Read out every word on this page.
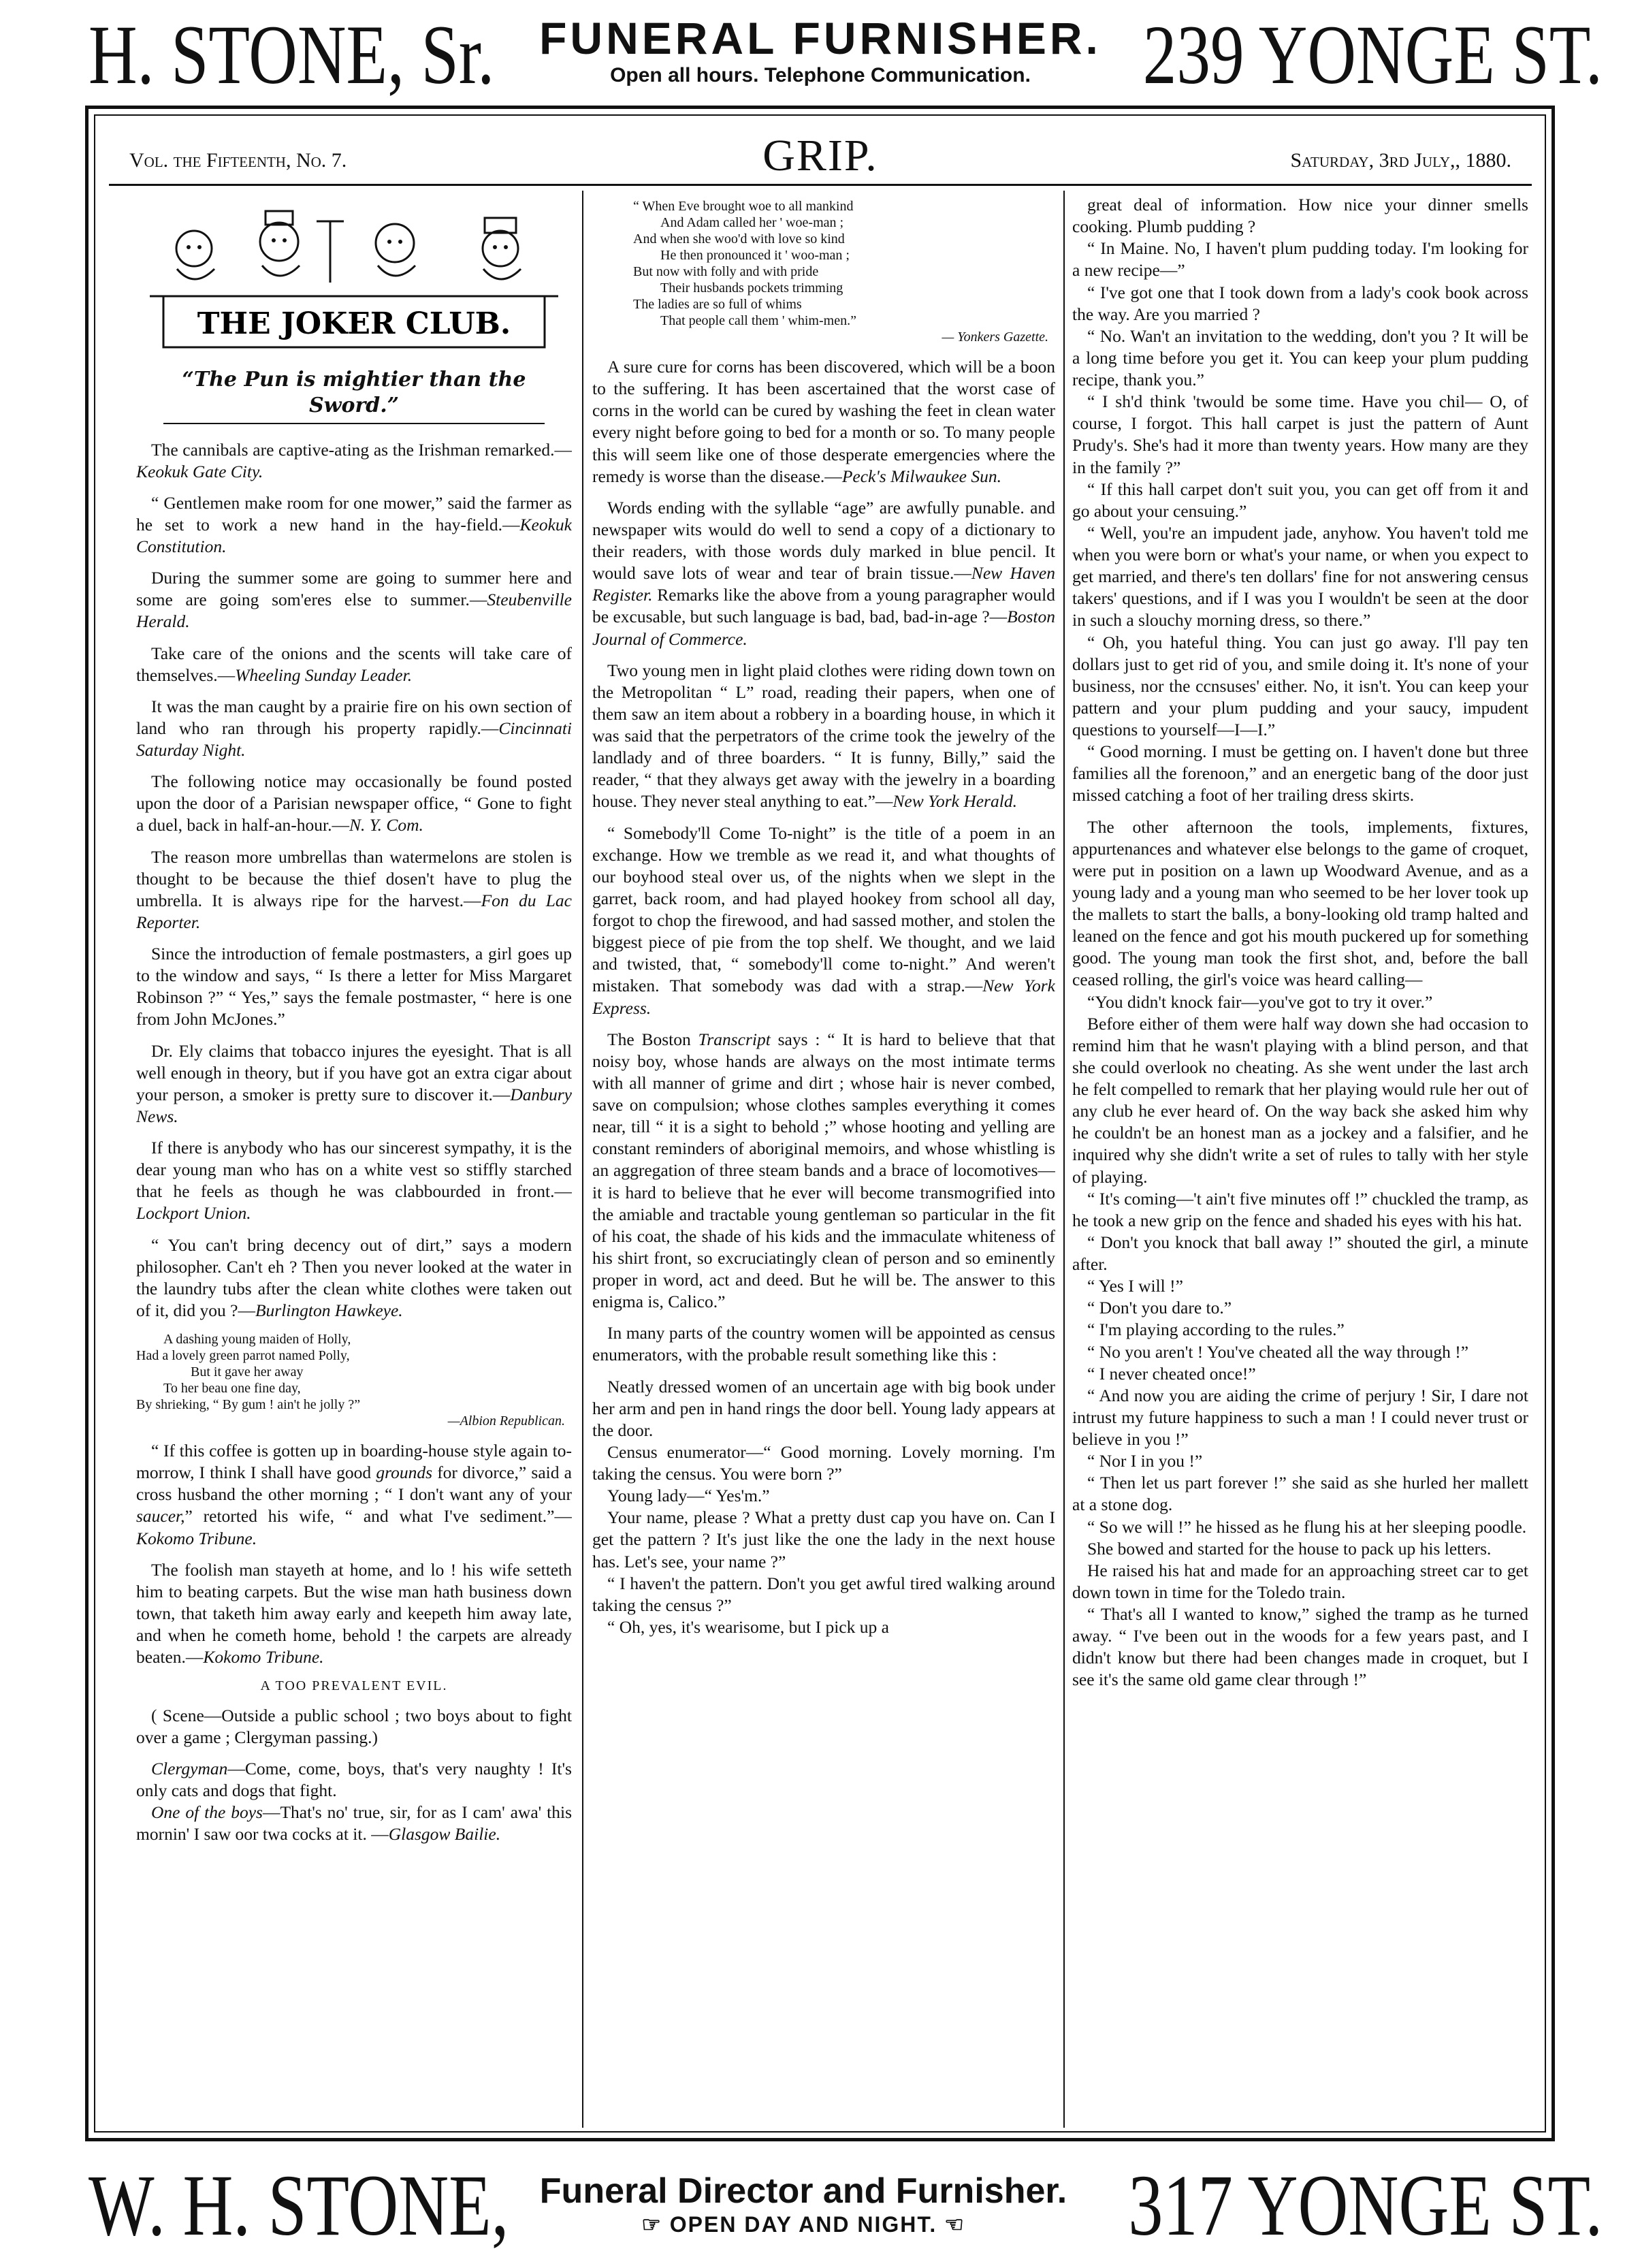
H. STONE, Sr. FUNERAL FURNISHER.
Open all hours. Telephone Communication.	239 YONGE ST.
Vol. the Fifteenth, No. 7.	GRIP.	Saturday, 3rd July,, 1880.
THE JOKER CLUB.
“The Pun is mightier than the Sword.”

The cannibals are captive-ating as the Irishman remarked.—Keokuk Gate City.

“ Gentlemen make room for one mower,” said the farmer as he set to work a new hand in the hay-field.—Keokuk Constitution.

During the summer some are going to summer here and some are going som'eres else to summer.—Steubenville Herald.

Take care of the onions and the scents will take care of themselves.—Wheeling Sunday Leader.

It was the man caught by a prairie fire on his own section of land who ran through his property rapidly.—Cincinnati Saturday Night.

The following notice may occasionally be found posted upon the door of a Parisian newspaper office, “ Gone to fight a duel, back in half-an-hour.—N. Y. Com.

The reason more umbrellas than watermelons are stolen is thought to be because the thief dosen't have to plug the umbrella. It is always ripe for the harvest.—Fon du Lac Reporter.

Since the introduction of female postmasters, a girl goes up to the window and says, “ Is there a letter for Miss Margaret Robinson ?” “ Yes,” says the female postmaster, “ here is one from John McJones.”

Dr. Ely claims that tobacco injures the eyesight. That is all well enough in theory, but if you have got an extra cigar about your person, a smoker is pretty sure to discover it.—Danbury News.

If there is anybody who has our sincerest sympathy, it is the dear young man who has on a white vest so stiffly starched that he feels as though he was clabbourded in front.—Lockport Union.

“ You can't bring decency out of dirt,” says a modern philosopher. Can't eh ? Then you never looked at the water in the laundry tubs after the clean white clothes were taken out of it, did you ?—Burlington Hawkeye.

A dashing young maiden of Holly,
Had a lovely green parrot named Polly,
But it gave her away
To her beau one fine day,
By shrieking, “ By gum ! ain't he jolly ?”
—Albion Republican.

“ If this coffee is gotten up in boarding-house style again to-morrow, I think I shall have good grounds for divorce,” said a cross husband the other morning ; “ I don't want any of your saucer,” retorted his wife, “ and what I've sediment.”—Kokomo Tribune.

The foolish man stayeth at home, and lo ! his wife setteth him to beating carpets. But the wise man hath business down town, that taketh him away early and keepeth him away late, and when he cometh home, behold ! the carpets are already beaten.—Kokomo Tribune.

A TOO PREVALENT EVIL.

( Scene—Outside a public school ; two boys about to fight over a game ; Clergyman passing.)

Clergyman—Come, come, boys, that's very naughty ! It's only cats and dogs that fight.

One of the boys—That's no' true, sir, for as I cam' awa' this mornin' I saw oor twa cocks at it. —Glasgow Bailie.

“ When Eve brought woe to all mankind
And Adam called her ' woe-man ;
And when she woo'd with love so kind
He then pronounced it ' woo-man ;
But now with folly and with pride
Their husbands pockets trimming
The ladies are so full of whims
That people call them ' whim-men.”
— Yonkers Gazette.

A sure cure for corns has been discovered, which will be a boon to the suffering. It has been ascertained that the worst case of corns in the world can be cured by washing the feet in clean water every night before going to bed for a month or so. To many people this will seem like one of those desperate emergencies where the remedy is worse than the disease.—Peck's Milwaukee Sun.

Words ending with the syllable “age” are awfully punable. and newspaper wits would do well to send a copy of a dictionary to their readers, with those words duly marked in blue pencil. It would save lots of wear and tear of brain tissue.—New Haven Register. Remarks like the above from a young paragrapher would be excusable, but such language is bad, bad, bad-in-age ?—Boston Journal of Commerce.

Two young men in light plaid clothes were riding down town on the Metropolitan “ L” road, reading their papers, when one of them saw an item about a robbery in a boarding house, in which it was said that the perpetrators of the crime took the jewelry of the landlady and of three boarders. “ It is funny, Billy,” said the reader, “ that they always get away with the jewelry in a boarding house. They never steal anything to eat.”—New York Herald.

“ Somebody'll Come To-night” is the title of a poem in an exchange. How we tremble as we read it, and what thoughts of our boyhood steal over us, of the nights when we slept in the garret, back room, and had played hookey from school all day, forgot to chop the firewood, and had sassed mother, and stolen the biggest piece of pie from the top shelf. We thought, and we laid and twisted, that, “ somebody'll come to-night.” And weren't mistaken. That somebody was dad with a strap.—New York Express.

The Boston Transcript says : “ It is hard to believe that that noisy boy, whose hands are always on the most intimate terms with all manner of grime and dirt ; whose hair is never combed, save on compulsion; whose clothes samples everything it comes near, till “ it is a sight to behold ;” whose hooting and yelling are constant reminders of aboriginal memoirs, and whose whistling is an aggregation of three steam bands and a brace of locomotives—it is hard to believe that he ever will become transmogrified into the amiable and tractable young gentleman so particular in the fit of his coat, the shade of his kids and the immaculate whiteness of his shirt front, so excruciatingly clean of person and so eminently proper in word, act and deed. But he will be. The answer to this enigma is, Calico.”

In many parts of the country women will be appointed as census enumerators, with the probable result something like this :

Neatly dressed women of an uncertain age with big book under her arm and pen in hand rings the door bell. Young lady appears at the door.

Census enumerator—“ Good morning. Lovely morning. I'm taking the census. You were born ?”

Young lady—“ Yes'm.”

Your name, please ? What a pretty dust cap you have on. Can I get the pattern ? It's just like the one the lady in the next house has. Let's see, your name ?”

“ I haven't the pattern. Don't you get awful tired walking around taking the census ?”

“ Oh, yes, it's wearisome, but I pick up a

great deal of information. How nice your dinner smells cooking. Plumb pudding ?

“ In Maine. No, I haven't plum pudding today. I'm looking for a new recipe—”

“ I've got one that I took down from a lady's cook book across the way. Are you married ?

“ No. Wan't an invitation to the wedding, don't you ? It will be a long time before you get it. You can keep your plum pudding recipe, thank you.”

“ I sh'd think 'twould be some time. Have you chil— O, of course, I forgot. This hall carpet is just the pattern of Aunt Prudy's. She's had it more than twenty years. How many are they in the family ?”

“ If this hall carpet don't suit you, you can get off from it and go about your censuing.”

“ Well, you're an impudent jade, anyhow. You haven't told me when you were born or what's your name, or when you expect to get married, and there's ten dollars' fine for not answering census takers' questions, and if I was you I wouldn't be seen at the door in such a slouchy morning dress, so there.”

“ Oh, you hateful thing. You can just go away. I'll pay ten dollars just to get rid of you, and smile doing it. It's none of your business, nor the ccnsuses' either. No, it isn't. You can keep your pattern and your plum pudding and your saucy, impudent questions to yourself—I—I.”

“ Good morning. I must be getting on. I haven't done but three families all the forenoon,” and an energetic bang of the door just missed catching a foot of her trailing dress skirts.

The other afternoon the tools, implements, fixtures, appurtenances and whatever else belongs to the game of croquet, were put in position on a lawn up Woodward Avenue, and as a young lady and a young man who seemed to be her lover took up the mallets to start the balls, a bony-looking old tramp halted and leaned on the fence and got his mouth puckered up for something good. The young man took the first shot, and, before the ball ceased rolling, the girl's voice was heard calling—

“You didn't knock fair—you've got to try it over.”

Before either of them were half way down she had occasion to remind him that he wasn't playing with a blind person, and that she could overlook no cheating. As she went under the last arch he felt compelled to remark that her playing would rule her out of any club he ever heard of. On the way back she asked him why he couldn't be an honest man as a jockey and a falsifier, and he inquired why she didn't write a set of rules to tally with her style of playing.

“ It's coming—'t ain't five minutes off !” chuckled the tramp, as he took a new grip on the fence and shaded his eyes with his hat.

“ Don't you knock that ball away !” shouted the girl, a minute after.

“ Yes I will !”

“ Don't you dare to.”

“ I'm playing according to the rules.”

“ No you aren't ! You've cheated all the way through !”

“ I never cheated once!”

“ And now you are aiding the crime of perjury ! Sir, I dare not intrust my future happiness to such a man ! I could never trust or believe in you !”

“ Nor I in you !”

“ Then let us part forever !” she said as she hurled her mallett at a stone dog.

“ So we will !” he hissed as he flung his at her sleeping poodle.

She bowed and started for the house to pack up his letters.

He raised his hat and made for an approaching street car to get down town in time for the Toledo train.

“ That's all I wanted to know,” sighed the tramp as he turned away. “ I've been out in the woods for a few years past, and I didn't know but there had been changes made in croquet, but I see it's the same old game clear through !”

W. H. STONE, Funeral Director and Furnisher.
☞ OPEN DAY AND NIGHT. ☜	317 YONGE ST.
